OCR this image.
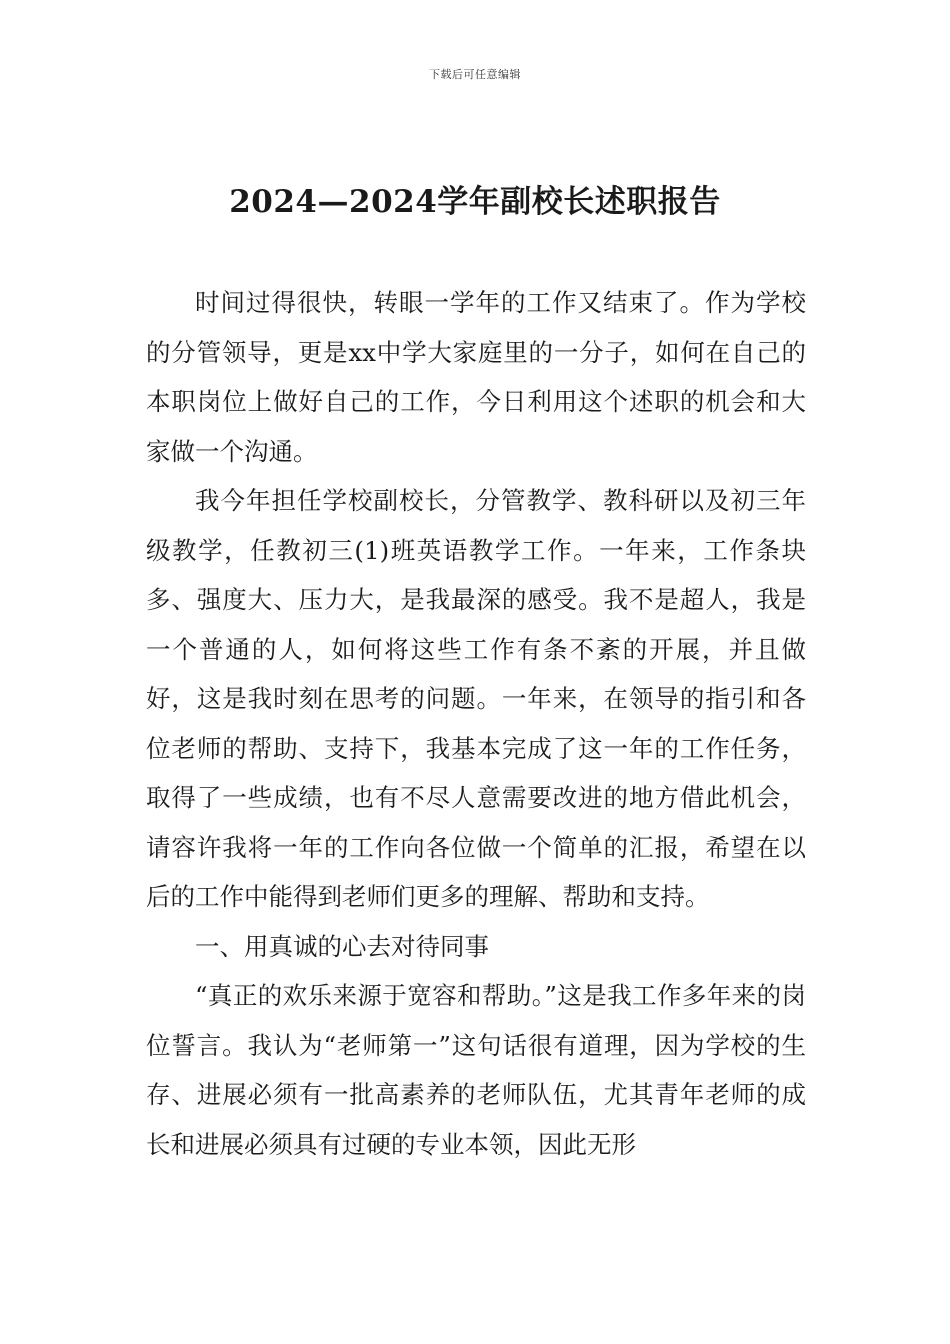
下载后可任意编辑
2024—2024学年副校长述职报告

时间过得很快，转眼一学年的工作又结束了。作为学校的分管领导，更是xx中学大家庭里的一分子，如何在自己的本职岗位上做好自己的工作，今日利用这个述职的机会和大家做一个沟通。

我今年担任学校副校长，分管教学、教科研以及初三年级教学，任教初三(1)班英语教学工作。一年来，工作条块多、强度大、压力大，是我最深的感受。我不是超人，我是一个普通的人，如何将这些工作有条不紊的开展，并且做好，这是我时刻在思考的问题。一年来，在领导的指引和各位老师的帮助、支持下，我基本完成了这一年的工作任务，取得了一些成绩，也有不尽人意需要改进的地方借此机会，请容许我将一年的工作向各位做一个简单的汇报，希望在以后的工作中能得到老师们更多的理解、帮助和支持。

一、用真诚的心去对待同事

“真正的欢乐来源于宽容和帮助。”这是我工作多年来的岗位誓言。我认为“老师第一”这句话很有道理，因为学校的生存、进展必须有一批高素养的老师队伍，尤其青年老师的成长和进展必须具有过硬的专业本领，因此无形
